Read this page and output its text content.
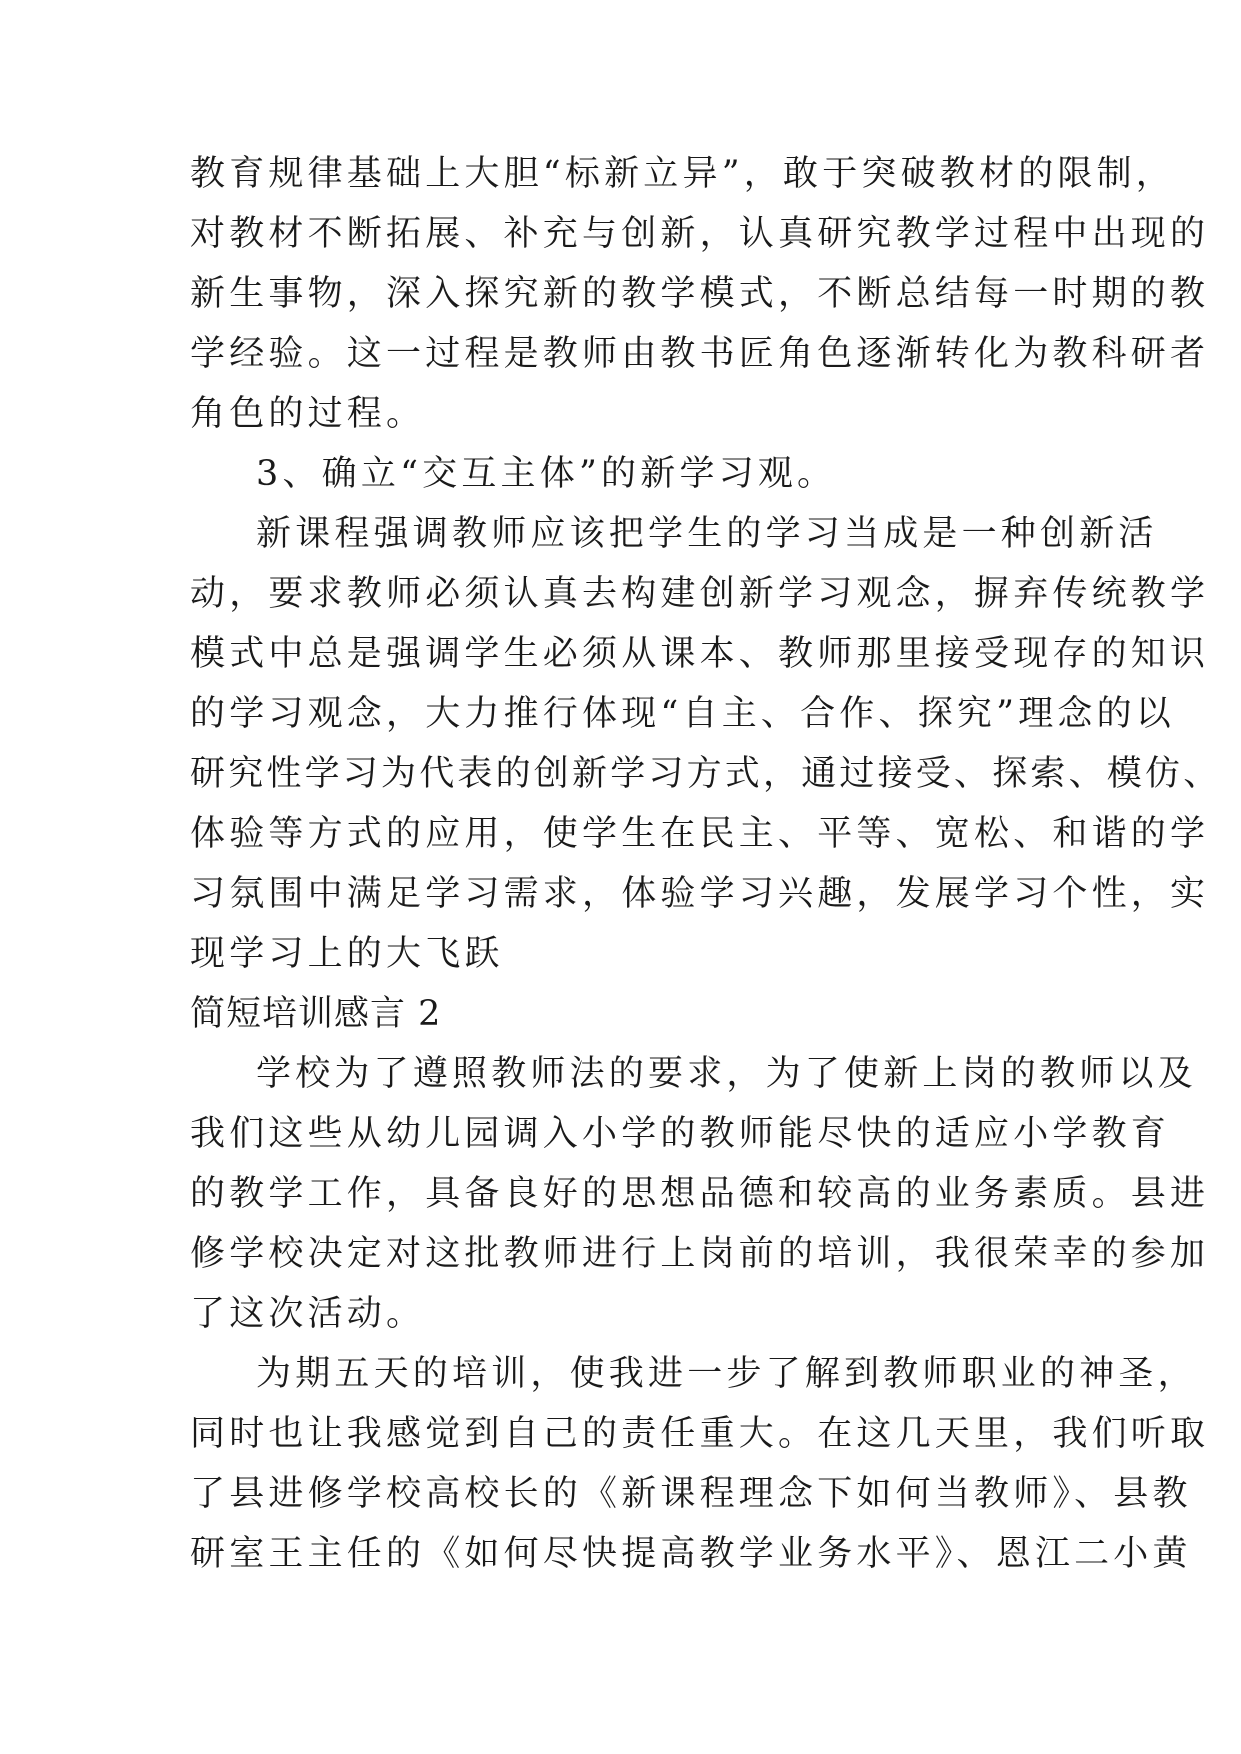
教育规律基础上大胆“标新立异”，敢于突破教材的限制，

对教材不断拓展、补充与创新，认真研究教学过程中出现的

新生事物，深入探究新的教学模式，不断总结每一时期的教

学经验。这一过程是教师由教书匠角色逐渐转化为教科研者

角色的过程。

3、确立“交互主体”的新学习观。

新课程强调教师应该把学生的学习当成是一种创新活

动，要求教师必须认真去构建创新学习观念，摒弃传统教学

模式中总是强调学生必须从课本、教师那里接受现存的知识

的学习观念，大力推行体现“自主、合作、探究”理念的以

研究性学习为代表的创新学习方式，通过接受、探索、模仿、

体验等方式的应用，使学生在民主、平等、宽松、和谐的学

习氛围中满足学习需求，体验学习兴趣，发展学习个性，实

现学习上的大飞跃

简短培训感言 2

学校为了遵照教师法的要求，为了使新上岗的教师以及

我们这些从幼儿园调入小学的教师能尽快的适应小学教育

的教学工作，具备良好的思想品德和较高的业务素质。县进

修学校决定对这批教师进行上岗前的培训，我很荣幸的参加

了这次活动。

为期五天的培训，使我进一步了解到教师职业的神圣，

同时也让我感觉到自己的责任重大。在这几天里，我们听取

了县进修学校高校长的《新课程理念下如何当教师》、县教

研室王主任的《如何尽快提高教学业务水平》、恩江二小黄
